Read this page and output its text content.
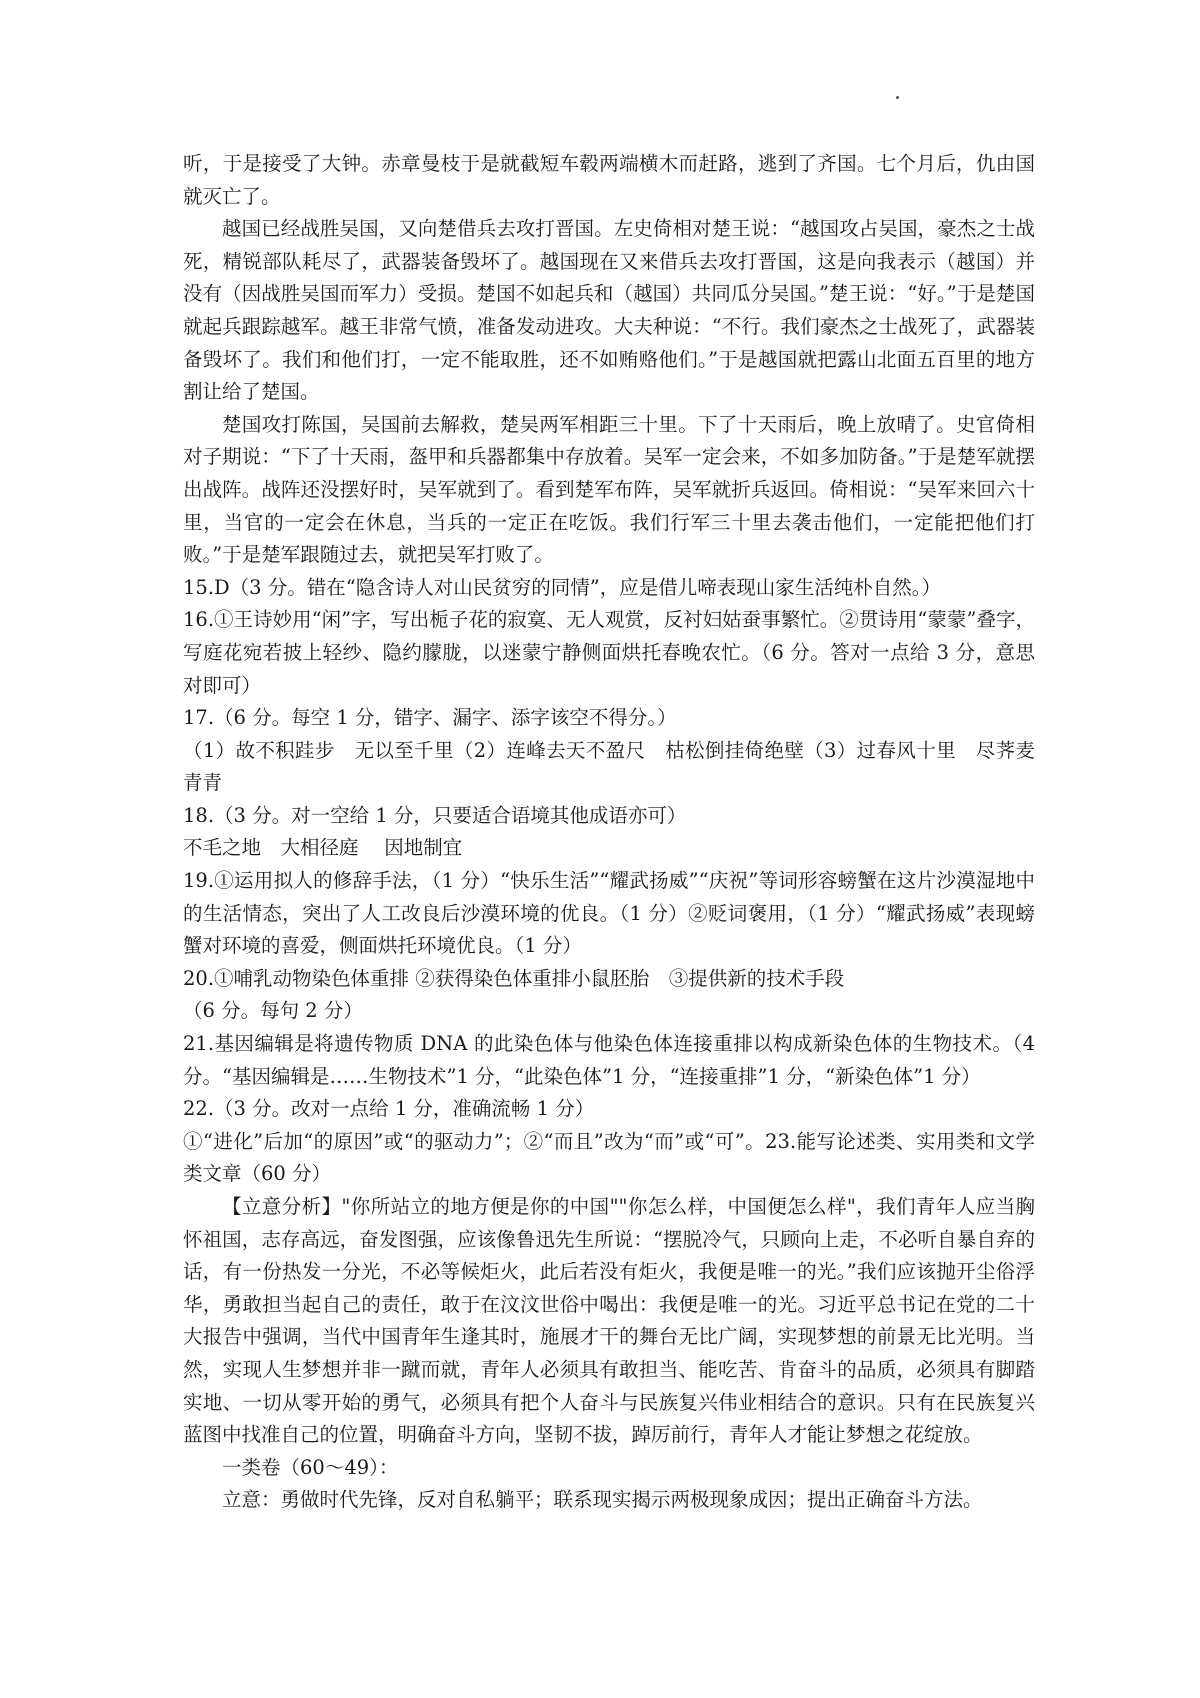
听，于是接受了大钟。赤章曼枝于是就截短车毂两端横木而赶路，逃到了齐国。七个月后，仇由国就灭亡了。

越国已经战胜吴国，又向楚借兵去攻打晋国。左史倚相对楚王说：“越国攻占吴国，豪杰之士战死，精锐部队耗尽了，武器装备毁坏了。越国现在又来借兵去攻打晋国，这是向我表示（越国）并没有（因战胜吴国而军力）受损。楚国不如起兵和（越国）共同瓜分吴国。”楚王说：“好。”于是楚国就起兵跟踪越军。越王非常气愤，准备发动进攻。大夫种说：“不行。我们豪杰之士战死了，武器装备毁坏了。我们和他们打，一定不能取胜，还不如贿赂他们。”于是越国就把露山北面五百里的地方割让给了楚国。

楚国攻打陈国，吴国前去解救，楚吴两军相距三十里。下了十天雨后，晚上放晴了。史官倚相对子期说：“下了十天雨，盔甲和兵器都集中存放着。吴军一定会来，不如多加防备。”于是楚军就摆出战阵。战阵还没摆好时，吴军就到了。看到楚军布阵，吴军就折兵返回。倚相说：“吴军来回六十里，当官的一定会在休息，当兵的一定正在吃饭。我们行军三十里去袭击他们，一定能把他们打败。”于是楚军跟随过去，就把吴军打败了。

15.D（3 分。错在“隐含诗人对山民贫穷的同情”，应是借儿啼表现山家生活纯朴自然。）

16.①王诗妙用“闲”字，写出栀子花的寂寞、无人观赏，反衬妇姑蚕事繁忙。②贯诗用“蒙蒙”叠字，写庭花宛若披上轻纱、隐约朦胧，以迷蒙宁静侧面烘托春晚农忙。（6 分。答对一点给 3 分，意思对即可）

17.（6 分。每空 1 分，错字、漏字、添字该空不得分。）

（1）故不积跬步　无以至千里（2）连峰去天不盈尺　枯松倒挂倚绝壁（3）过春风十里　尽荠麦青青

18.（3 分。对一空给 1 分，只要适合语境其他成语亦可）

不毛之地　大相径庭　 因地制宜

19.①运用拟人的修辞手法，（1 分）“快乐生活”“耀武扬威”“庆祝”等词形容螃蟹在这片沙漠湿地中的生活情态，突出了人工改良后沙漠环境的优良。（1 分）②贬词褒用，（1 分）“耀武扬威”表现螃蟹对环境的喜爱，侧面烘托环境优良。（1 分）

20.①哺乳动物染色体重排 ②获得染色体重排小鼠胚胎　③提供新的技术手段

（6 分。每句 2 分）

21.基因编辑是将遗传物质 DNA 的此染色体与他染色体连接重排以构成新染色体的生物技术。（4 分。“基因编辑是……生物技术”1 分，“此染色体”1 分，“连接重排”1 分，“新染色体”1 分）

22.（3 分。改对一点给 1 分，准确流畅 1 分）

①“进化”后加“的原因”或“的驱动力”；②“而且”改为“而”或“可”。23.能写论述类、实用类和文学类文章（60 分）

【立意分析】"你所站立的地方便是你的中国""你怎么样，中国便怎么样"，我们青年人应当胸怀祖国，志存高远，奋发图强，应该像鲁迅先生所说：“摆脱冷气，只顾向上走，不必听自暴自弃的话，有一份热发一分光，不必等候炬火，此后若没有炬火，我便是唯一的光。”我们应该抛开尘俗浮华，勇敢担当起自己的责任，敢于在汶汶世俗中喝出：我便是唯一的光。习近平总书记在党的二十大报告中强调，当代中国青年生逢其时，施展才干的舞台无比广阔，实现梦想的前景无比光明。当然，实现人生梦想并非一蹴而就，青年人必须具有敢担当、能吃苦、肯奋斗的品质，必须具有脚踏实地、一切从零开始的勇气，必须具有把个人奋斗与民族复兴伟业相结合的意识。只有在民族复兴蓝图中找准自己的位置，明确奋斗方向，坚韧不拔，踔厉前行，青年人才能让梦想之花绽放。

一类卷（60～49）：

立意：勇做时代先锋，反对自私躺平；联系现实揭示两极现象成因；提出正确奋斗方法。
